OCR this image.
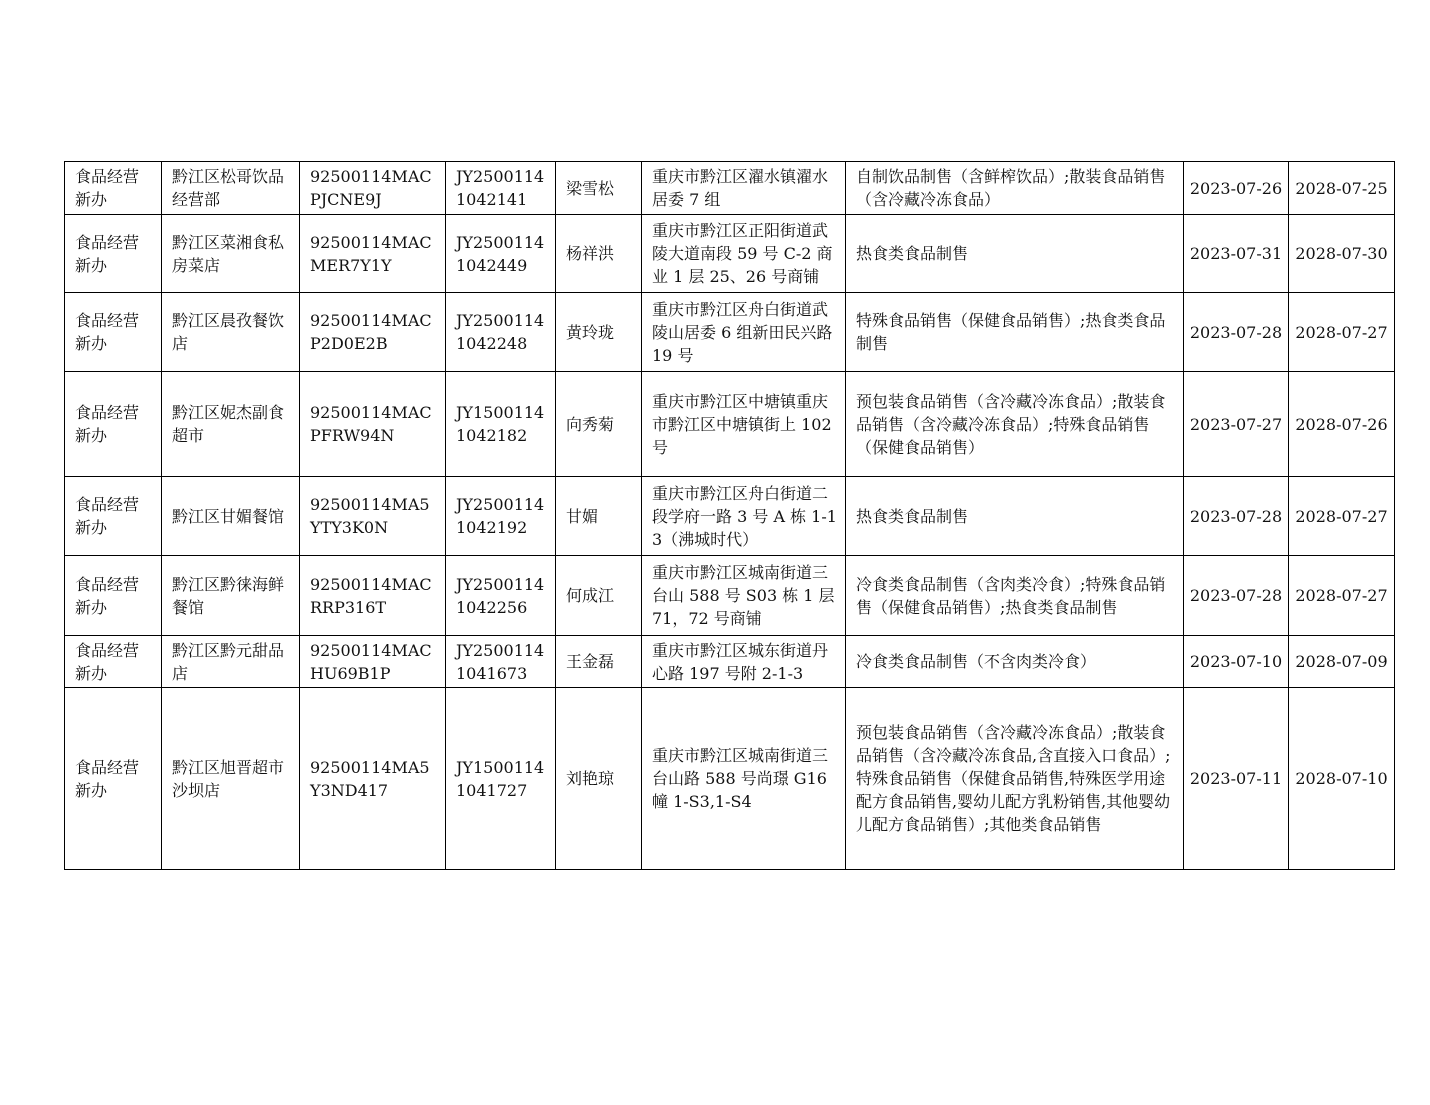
食品经营新办	黔江区松哥饮品经营部	92500114MACPJCNE9J	JY25001141042141	梁雪松	重庆市黔江区濯水镇濯水居委 7 组	自制饮品制售（含鲜榨饮品）;散装食品销售（含冷藏冷冻食品）	2023-07-26	2028-07-25
食品经营新办	黔江区菜湘食私房菜店	92500114MACMER7Y1Y	JY25001141042449	杨祥洪	重庆市黔江区正阳街道武陵大道南段 59 号 C-2 商业 1 层 25、26 号商铺	热食类食品制售	2023-07-31	2028-07-30
食品经营新办	黔江区晨孜餐饮店	92500114MACP2D0E2B	JY25001141042248	黄玲珑	重庆市黔江区舟白街道武陵山居委 6 组新田民兴路 19 号	特殊食品销售（保健食品销售）;热食类食品制售	2023-07-28	2028-07-27
食品经营新办	黔江区妮杰副食超市	92500114MACPFRW94N	JY15001141042182	向秀菊	重庆市黔江区中塘镇重庆市黔江区中塘镇街上 102 号	预包装食品销售（含冷藏冷冻食品）;散装食品销售（含冷藏冷冻食品）;特殊食品销售（保健食品销售）	2023-07-27	2028-07-26
食品经营新办	黔江区甘媚餐馆	92500114MA5YTY3K0N	JY25001141042192	甘媚	重庆市黔江区舟白街道二段学府一路 3 号 A 栋 1-13（沸城时代）	热食类食品制售	2023-07-28	2028-07-27
食品经营新办	黔江区黔徕海鲜餐馆	92500114MACRRP316T	JY25001141042256	何成江	重庆市黔江区城南街道三台山 588 号 S03 栋 1 层 71，72 号商铺	冷食类食品制售（含肉类冷食）;特殊食品销售（保健食品销售）;热食类食品制售	2023-07-28	2028-07-27
食品经营新办	黔江区黔元甜品店	92500114MACHU69B1P	JY25001141041673	王金磊	重庆市黔江区城东街道丹心路 197 号附 2-1-3	冷食类食品制售（不含肉类冷食）	2023-07-10	2028-07-09
食品经营新办	黔江区旭晋超市沙坝店	92500114MA5Y3ND417	JY15001141041727	刘艳琼	重庆市黔江区城南街道三台山路 588 号尚璟 G16 幢 1-S3,1-S4	预包装食品销售（含冷藏冷冻食品）;散装食品销售（含冷藏冷冻食品,含直接入口食品）;特殊食品销售（保健食品销售,特殊医学用途配方食品销售,婴幼儿配方乳粉销售,其他婴幼儿配方食品销售）;其他类食品销售	2023-07-11	2028-07-10
